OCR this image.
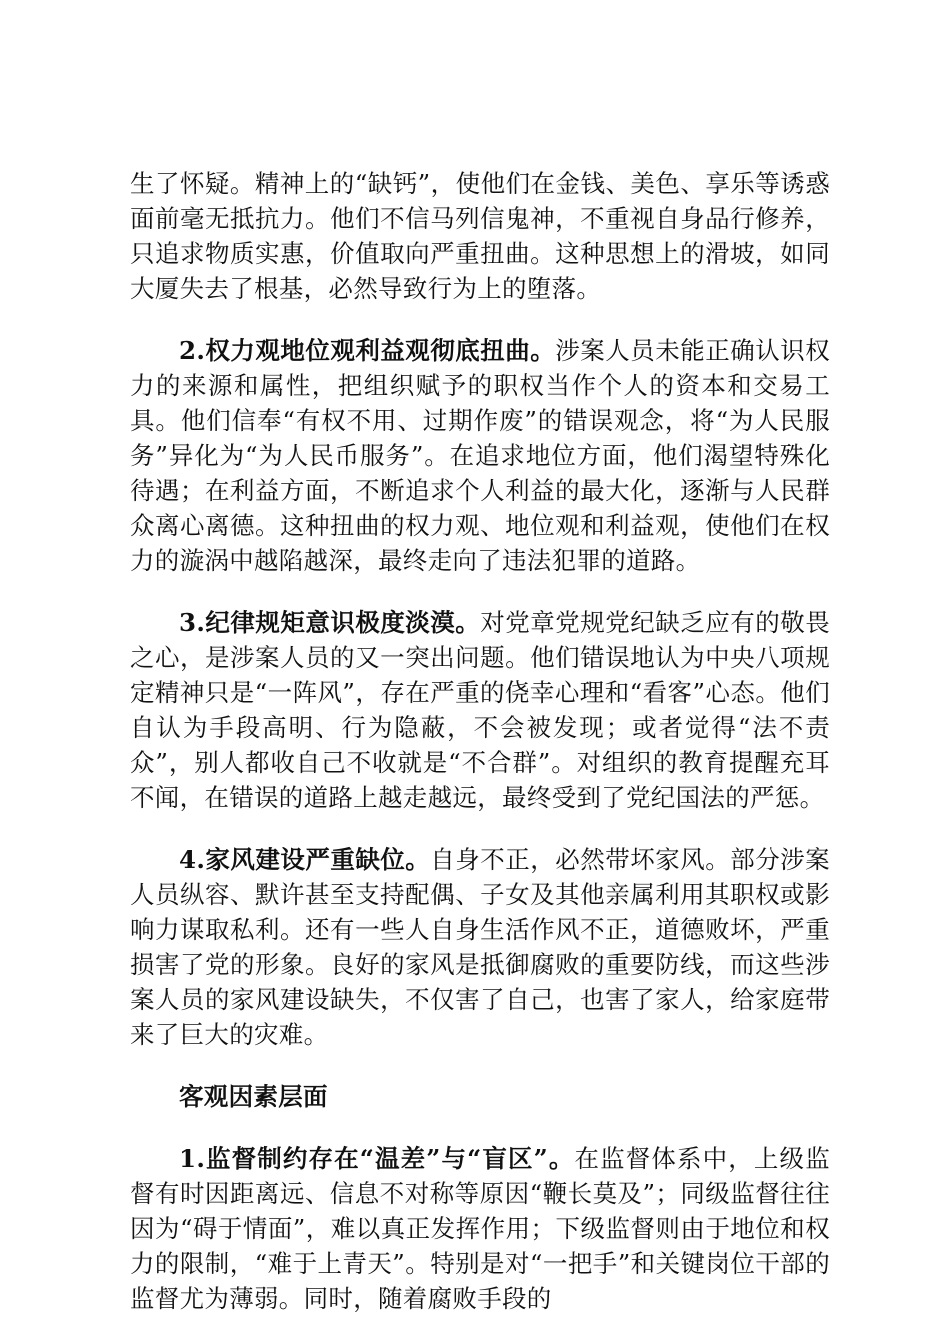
生了怀疑。精神上的“缺钙”，使他们在金钱、美色、享乐等诱惑面前毫无抵抗力。他们不信马列信鬼神，不重视自身品行修养，只追求物质实惠，价值取向严重扭曲。这种思想上的滑坡，如同大厦失去了根基，必然导致行为上的堕落。

2.权力观地位观利益观彻底扭曲。涉案人员未能正确认识权力的来源和属性，把组织赋予的职权当作个人的资本和交易工具。他们信奉“有权不用、过期作废”的错误观念，将“为人民服务”异化为“为人民币服务”。在追求地位方面，他们渴望特殊化待遇；在利益方面，不断追求个人利益的最大化，逐渐与人民群众离心离德。这种扭曲的权力观、地位观和利益观，使他们在权力的漩涡中越陷越深，最终走向了违法犯罪的道路。

3.纪律规矩意识极度淡漠。对党章党规党纪缺乏应有的敬畏之心，是涉案人员的又一突出问题。他们错误地认为中央八项规定精神只是“一阵风”，存在严重的侥幸心理和“看客”心态。他们自认为手段高明、行为隐蔽，不会被发现；或者觉得“法不责众”，别人都收自己不收就是“不合群”。对组织的教育提醒充耳不闻，在错误的道路上越走越远，最终受到了党纪国法的严惩。

4.家风建设严重缺位。自身不正，必然带坏家风。部分涉案人员纵容、默许甚至支持配偶、子女及其他亲属利用其职权或影响力谋取私利。还有一些人自身生活作风不正，道德败坏，严重损害了党的形象。良好的家风是抵御腐败的重要防线，而这些涉案人员的家风建设缺失，不仅害了自己，也害了家人，给家庭带来了巨大的灾难。

客观因素层面

1.监督制约存在“温差”与“盲区”。在监督体系中，上级监督有时因距离远、信息不对称等原因“鞭长莫及”；同级监督往往因为“碍于情面”，难以真正发挥作用；下级监督则由于地位和权力的限制，“难于上青天”。特别是对“一把手”和关键岗位干部的监督尤为薄弱。同时，随着腐败手段的
